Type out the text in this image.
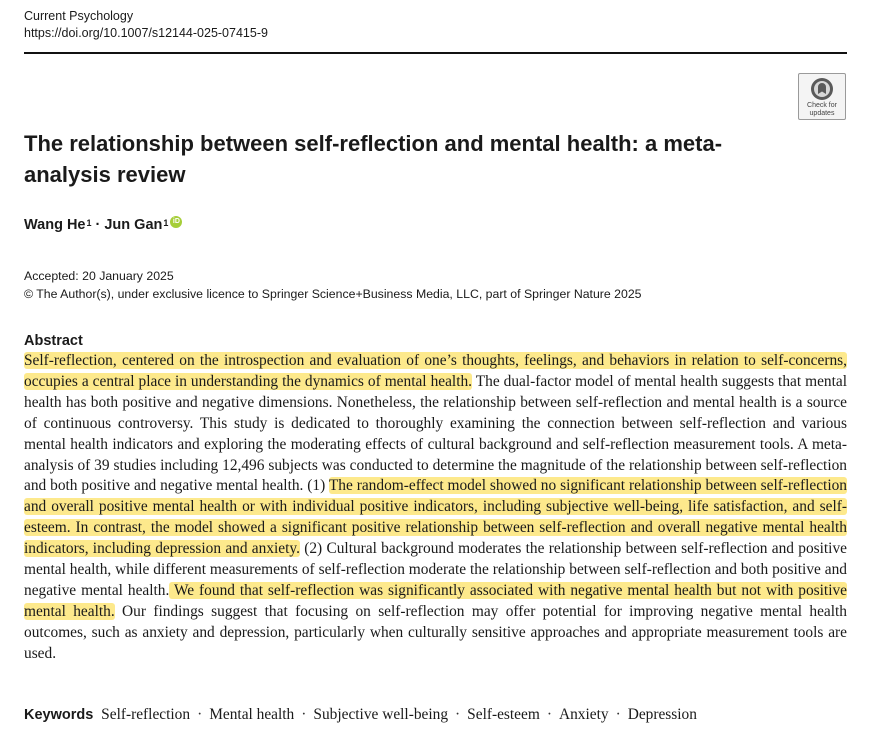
Current Psychology
https://doi.org/10.1007/s12144-025-07415-9
Check for
updates
The relationship between self-reflection and mental health: a meta-
analysis review
Wang $He^1$ · Jun Gan$^1$ iD
Accepted: 20 January 2025
© The Author(s), under exclusive licence to Springer Science+Business Media, LLC, part of Springer Nature 2025
Abstract

Self-reflection, centered on the introspection and evaluation of one’s thoughts, feelings, and behaviors in relation to self-concerns, occupies a central place in understanding the dynamics of mental health. The dual-factor model of mental health suggests that mental health has both positive and negative dimensions. Nonetheless, the relationship between self-reflection and mental health is a source of continuous controversy. This study is dedicated to thoroughly examining the connection between self-reflection and various mental health indicators and exploring the moderating effects of cultural background and self-reflection measurement tools. A meta-analysis of 39 studies including 12,496 subjects was conducted to determine the magnitude of the relationship between self-reflection and both positive and negative mental health. (1) The random-effect model showed no significant relationship between self-reflection and overall positive mental health or with individual positive indicators, including subjective well-being, life satisfaction, and self-esteem. In contrast, the model showed a significant positive relationship between self-reflection and overall negative mental health indicators, including depression and anxiety. (2) Cultural background moderates the relationship between self-reflection and positive mental health, while different measurements of self-reflection moderate the relationship between self-reflection and both positive and negative mental health. We found that self-reflection was significantly associated with negative mental health but not with positive mental health. Our findings suggest that focusing on self-reflection may offer potential for improving negative mental health outcomes, such as anxiety and depression, particularly when culturally sensitive approaches and appropriate measurement tools are used.

Keywords Self-reflection · Mental health · Subjective well-being · Self-esteem · Anxiety · Depression
